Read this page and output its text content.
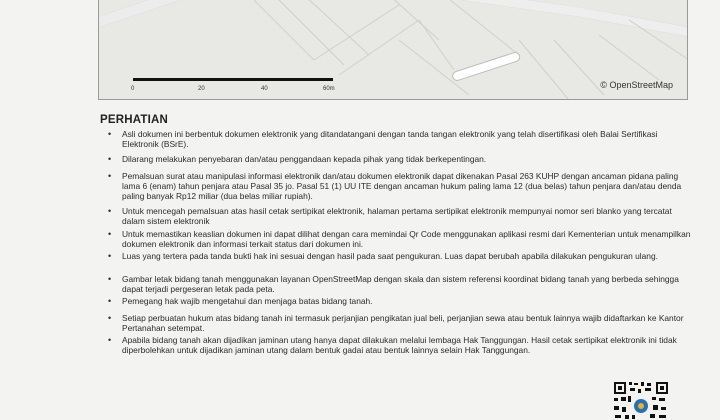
0	20	40	60m	© OpenStreetMap
PERHATIAN
• Asli dokumen ini berbentuk dokumen elektronik yang ditandatangani dengan tanda tangan elektronik yang telah disertifikasi oleh Balai Sertifikasi Elektronik (BSrE).
• Dilarang melakukan penyebaran dan/atau penggandaan kepada pihak yang tidak berkepentingan.
• Pemalsuan surat atau manipulasi informasi elektronik dan/atau dokumen elektronik dapat dikenakan Pasal 263 KUHP dengan ancaman pidana paling lama 6 (enam) tahun penjara atau Pasal 35 jo. Pasal 51 (1) UU ITE dengan ancaman hukum paling lama 12 (dua belas) tahun penjara dan/atau denda paling banyak Rp12 miliar (dua belas miliar rupiah).
• Untuk mencegah pemalsuan atas hasil cetak sertipikat elektronik, halaman pertama sertipikat elektronik mempunyai nomor seri blanko yang tercatat dalam sistem elektronik
• Untuk memastikan keaslian dokumen ini dapat dilihat dengan cara memindai Qr Code menggunakan aplikasi resmi dari Kementerian untuk menampilkan dokumen elektronik dan informasi terkait status dari dokumen ini.
• Luas yang tertera pada tanda bukti hak ini sesuai dengan hasil pada saat pengukuran. Luas dapat berubah apabila dilakukan pengukuran ulang.
• Gambar letak bidang tanah menggunakan layanan OpenStreetMap dengan skala dan sistem referensi koordinat bidang tanah yang berbeda sehingga dapat terjadi pergeseran letak pada peta.
• Pemegang hak wajib mengetahui dan menjaga batas bidang tanah.
• Setiap perbuatan hukum atas bidang tanah ini termasuk perjanjian pengikatan jual beli, perjanjian sewa atau bentuk lainnya wajib didaftarkan ke Kantor Pertanahan setempat.
• Apabila bidang tanah akan dijadikan jaminan utang hanya dapat dilakukan melalui lembaga Hak Tanggungan. Hasil cetak sertipikat elektronik ini tidak diperbolehkan untuk dijadikan jaminan utang dalam bentuk gadai atau bentuk lainnya selain Hak Tanggungan.
